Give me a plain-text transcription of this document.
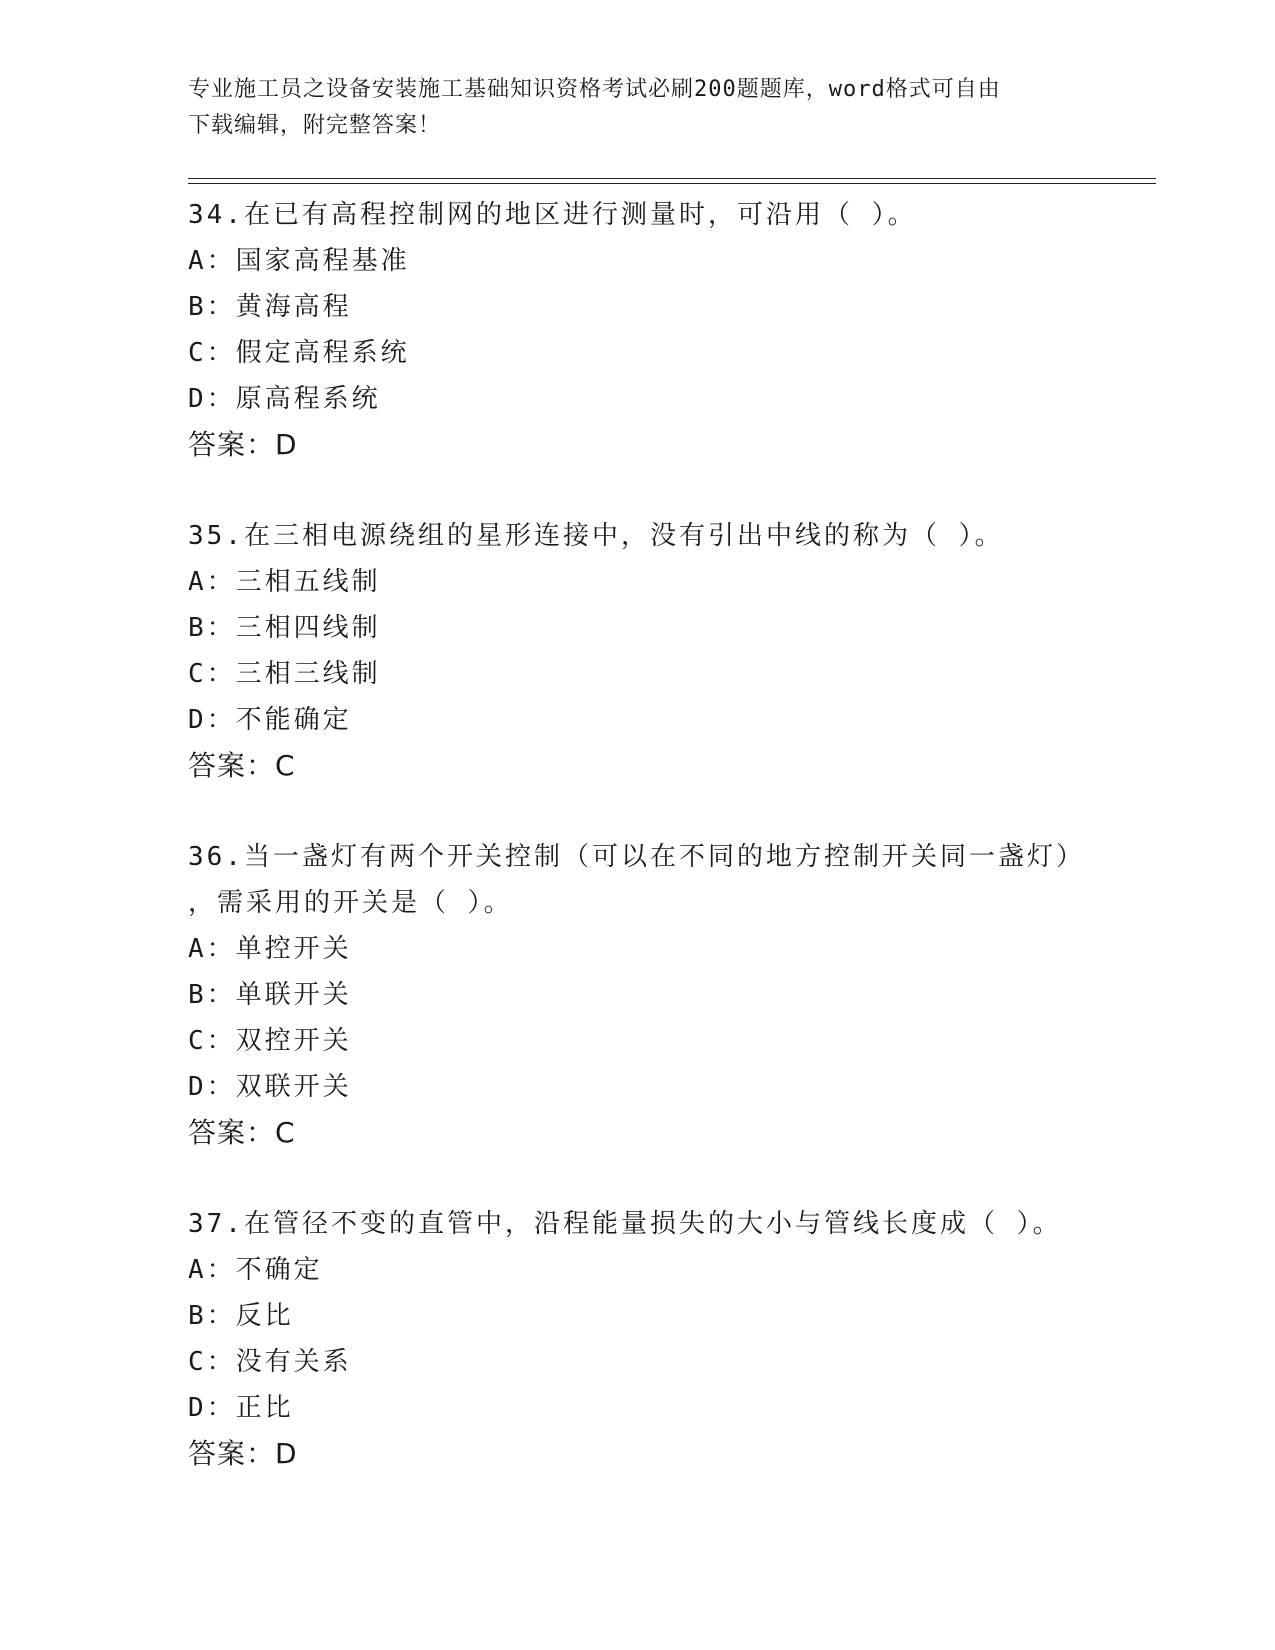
专业施工员之设备安装施工基础知识资格考试必刷200题题库，word格式可自由
下载编辑，附完整答案！
34.在已有高程控制网的地区进行测量时，可沿用（ ）。
A：国家高程基准
B：黄海高程
C：假定高程系统
D：原高程系统
答案：D
35.在三相电源绕组的星形连接中，没有引出中线的称为（ ）。
A：三相五线制
B：三相四线制
C：三相三线制
D：不能确定
答案：C
36.当一盏灯有两个开关控制（可以在不同的地方控制开关同一盏灯）
，需采用的开关是（ ）。
A：单控开关
B：单联开关
C：双控开关
D：双联开关
答案：C
37.在管径不变的直管中，沿程能量损失的大小与管线长度成（ ）。
A：不确定
B：反比
C：没有关系
D：正比
答案：D
